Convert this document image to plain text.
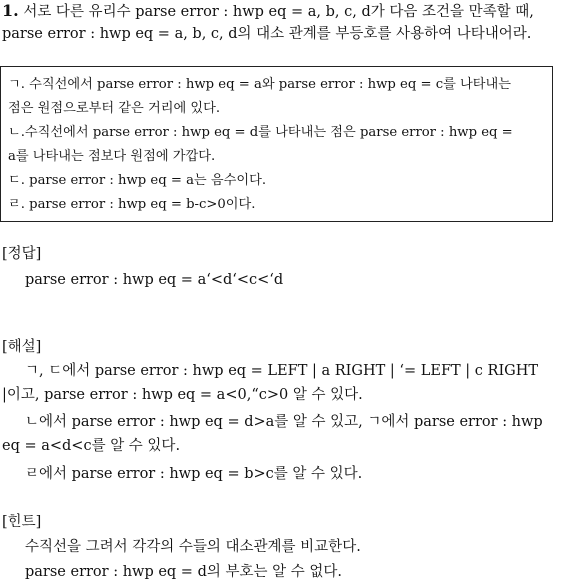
1. 서로 다른 유리수 parse error : hwp eq = a, b, c, d가 다음 조건을 만족할 때,
parse error : hwp eq = a, b, c, d의 대소 관계를 부등호를 사용하여 나타내어라.
ㄱ. 수직선에서 parse error : hwp eq = a와 parse error : hwp eq = c를 나타내는
점은 원점으로부터 같은 거리에 있다.
ㄴ.수직선에서 parse error : hwp eq = d를 나타내는 점은 parse error : hwp eq =
a를 나타내는 점보다 원점에 가깝다.
ㄷ. parse error : hwp eq = a는 음수이다.
ㄹ. parse error : hwp eq = b-c>0이다.
[정답]
parse error : hwp eq = a‘<d‘<c<‘d
[해설]
ㄱ, ㄷ에서 parse error : hwp eq = LEFT | a RIGHT | ‘= LEFT | c RIGHT
|이고, parse error : hwp eq = a<0,“c>0 알 수 있다.
ㄴ에서 parse error : hwp eq = d>a를 알 수 있고, ㄱ에서 parse error : hwp
eq = a<d<c를 알 수 있다.
ㄹ에서 parse error : hwp eq = b>c를 알 수 있다.
[힌트]
수직선을 그려서 각각의 수들의 대소관계를 비교한다.
parse error : hwp eq = d의 부호는 알 수 없다.
